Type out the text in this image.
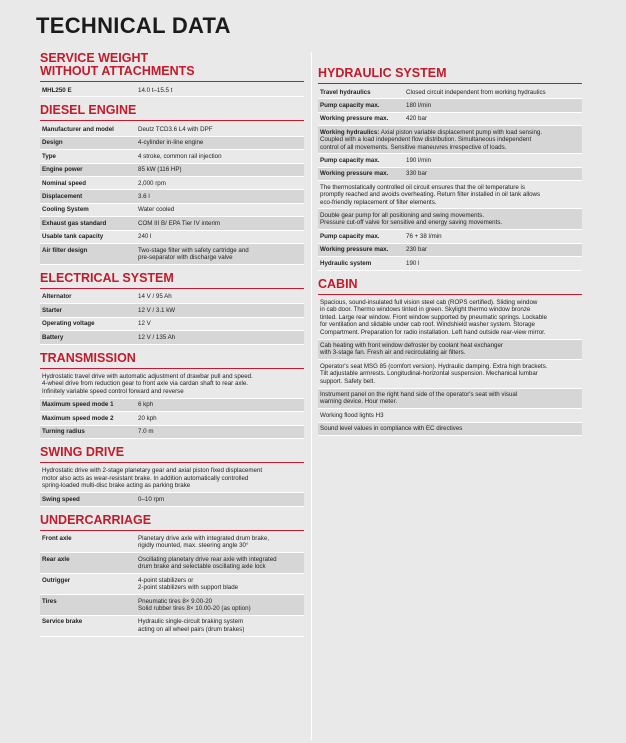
TECHNICAL DATA
SERVICE WEIGHT
WITHOUT ATTACHMENTS
MHL250 E	14.0 t–15.5 t
DIESEL ENGINE
Manufacturer and model	Deutz TCD3.6 L4 with DPF
Design	4-cylinder in-line engine
Type	4 stroke, common rail injection
Engine power	85 kW (116 HP)
Nominal speed	2,000 rpm
Displacement	3.6 l
Cooling System	Water cooled
Exhaust gas standard	COM III B/ EPA Tier IV interim
Usable tank capacity	240 l
Air filter design	Two-stage filter with safety cartridge and
pre-separator with discharge valve
ELECTRICAL SYSTEM
Alternator	14 V / 95 Ah
Starter	12 V / 3.1 kW
Operating voltage	12 V
Battery	12 V / 135 Ah
TRANSMISSION
Hydrostatic travel drive with automatic adjustment of drawbar pull and speed.
4-wheel drive from reduction gear to front axle via cardan shaft to rear axle.
Infinitely variable speed control forward and reverse
Maximum speed mode 1	6 kph
Maximum speed mode 2	20 kph
Turning radius	7.0 m
SWING DRIVE
Hydrostatic drive with 2-stage planetary gear and axial piston fixed displacement
motor also acts as wear-resistant brake. In addition automatically controlled
spring-loaded multi-disc brake acting as parking brake
Swing speed	0–10 rpm
UNDERCARRIAGE
Front axle	Planetary drive axle with integrated drum brake,
rigidly mounted, max. steering angle 30°
Rear axle	Oscillating planetary drive rear axle with integrated
drum brake and selectable oscillating axle lock
Outrigger	4-point stabilizers or
2-point stabilizers with support blade
Tires	Pneumatic tires 8× 9.00-20
Solid rubber tires 8× 10.00-20 (as option)
Service brake	Hydraulic single-circuit braking system
acting on all wheel pairs (drum brakes)
HYDRAULIC SYSTEM
Travel hydraulics	Closed circuit independent from working hydraulics
Pump capacity max.	180 l/min
Working pressure max.	420 bar
Working hydraulics: Axial piston variable displacement pump with load sensing.
Coupled with a load independent flow distribution. Simultaneous independent
control of all movements. Sensitive maneuvres irrespective of loads.
Pump capacity max.	190 l/min
Working pressure max.	330 bar
The thermostatically controlled oil circuit ensures that the oil temperature is
promptly reached and avoids overheating. Return filter installed in oil tank allows
eco-friendly replacement of filter elements.
Double gear pump for all positioning and swing movements.
Pressure cut-off valve for sensitive and energy saving movements.
Pump capacity max.	76 + 38 l/min
Working pressure max.	230 bar
Hydraulic system	190 l
CABIN
Spacious, sound-insulated full vision steel cab (ROPS certified). Sliding window
in cab door. Thermo windows tinted in green. Skylight thermo window bronze
tinted. Large rear window. Front window supported by pneumatic springs. Lockable
for ventilation and slidable under cab roof. Windshield washer system. Storage
Compartment. Preparation for radio installation. Left hand outside rear-view mirror.
Cab heating with front window defroster by coolant heat exchanger
with 3-stage fan. Fresh air and recirculating air filters.
Operator's seat MSG 85 (comfort version). Hydraulic damping. Extra high brackets.
Tilt adjustable armrests. Longitudinal-horizontal suspension. Mechanical lumbar
support. Safety belt.
Instrument panel on the right hand side of the operator's seat with visual
warning device. Hour meter.
Working flood lights H3
Sound level values in compliance with EC directives
